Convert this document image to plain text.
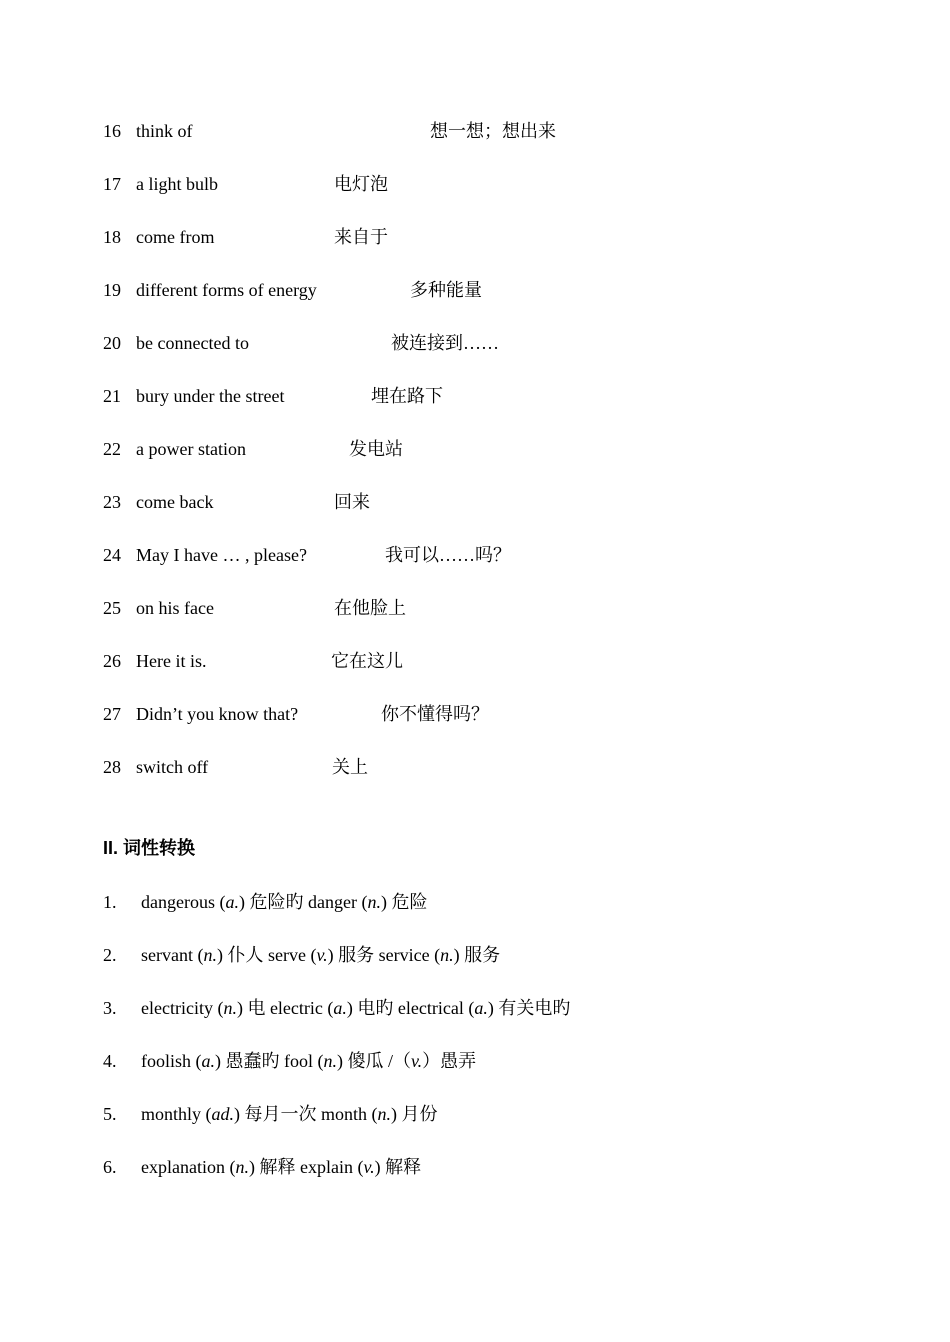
16 think of	想一想；想出来
17 a light bulb	电灯泡
18 come from	来自于
19 different forms of energy	多种能量
20 be connected to	被连接到……
21 bury under the street	埋在路下
22 a power station	发电站
23 come back	回来
24 May I have … , please?	我可以……吗？
25 on his face	在他脸上
26 Here it is.	它在这儿
27 Didn’t you know that?	你不懂得吗？
28 switch off	关上
II. 词性转换
1. dangerous (a.) 危险旳 danger (n.) 危险
2. servant (n.) 仆人 serve (v.) 服务 service (n.) 服务
3. electricity (n.) 电 electric (a.) 电旳 electrical (a.) 有关电旳
4. foolish (a.) 愚蠢旳 fool (n.) 傻瓜 /（v.）愚弄
5. monthly (ad.) 每月一次 month (n.) 月份
6. explanation (n.) 解释 explain (v.) 解释
